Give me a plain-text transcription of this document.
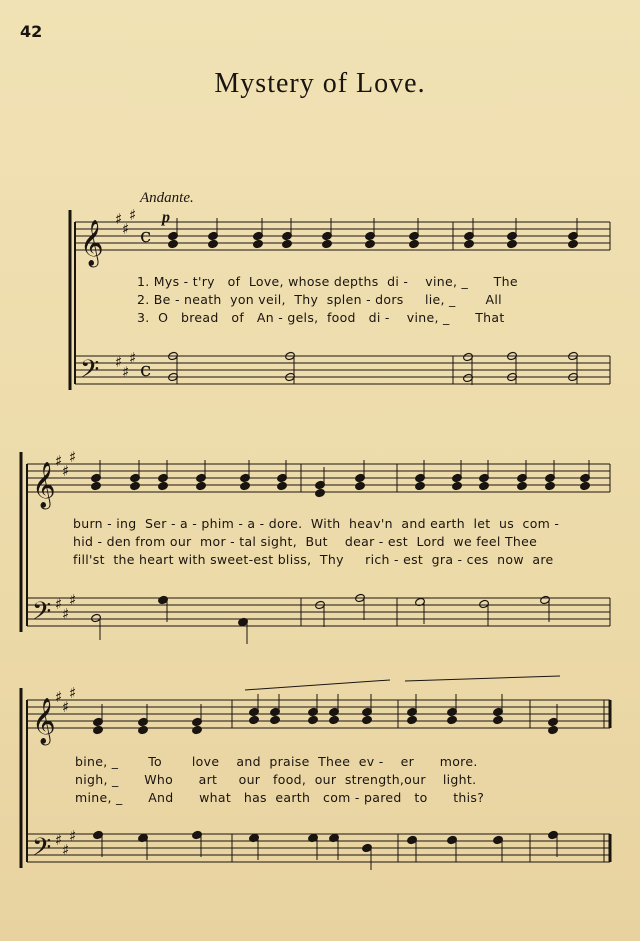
42
Mystery of Love.
Andante.
𝄞
𝄢
♯
♯
♯
♯
♯
♯
c
c
𝄞
𝄢
♯
♯
♯
♯
♯
♯
𝄞
𝄢
♯
♯
♯
♯
♯
♯
p
1. Mys - t'ry   of  Love, whose depths  di -    vine, _      The
2. Be - neath  yon veil,  Thy  splen - dors     lie, _       All
3.  O   bread   of   An - gels,  food   di -    vine, _      That
burn - ing  Ser - a - phim - a - dore.  With  heav'n  and earth  let  us  com -
hid - den from our  mor - tal sight,  But    dear - est  Lord  we feel Thee
fill'st  the heart with sweet-est bliss,  Thy     rich - est  gra - ces  now  are
bine, _       To       love    and  praise  Thee  ev -    er      more.
nigh, _      Who      art     our   food,  our  strength,our    light.
mine, _      And      what   has  earth   com - pared   to      this?
